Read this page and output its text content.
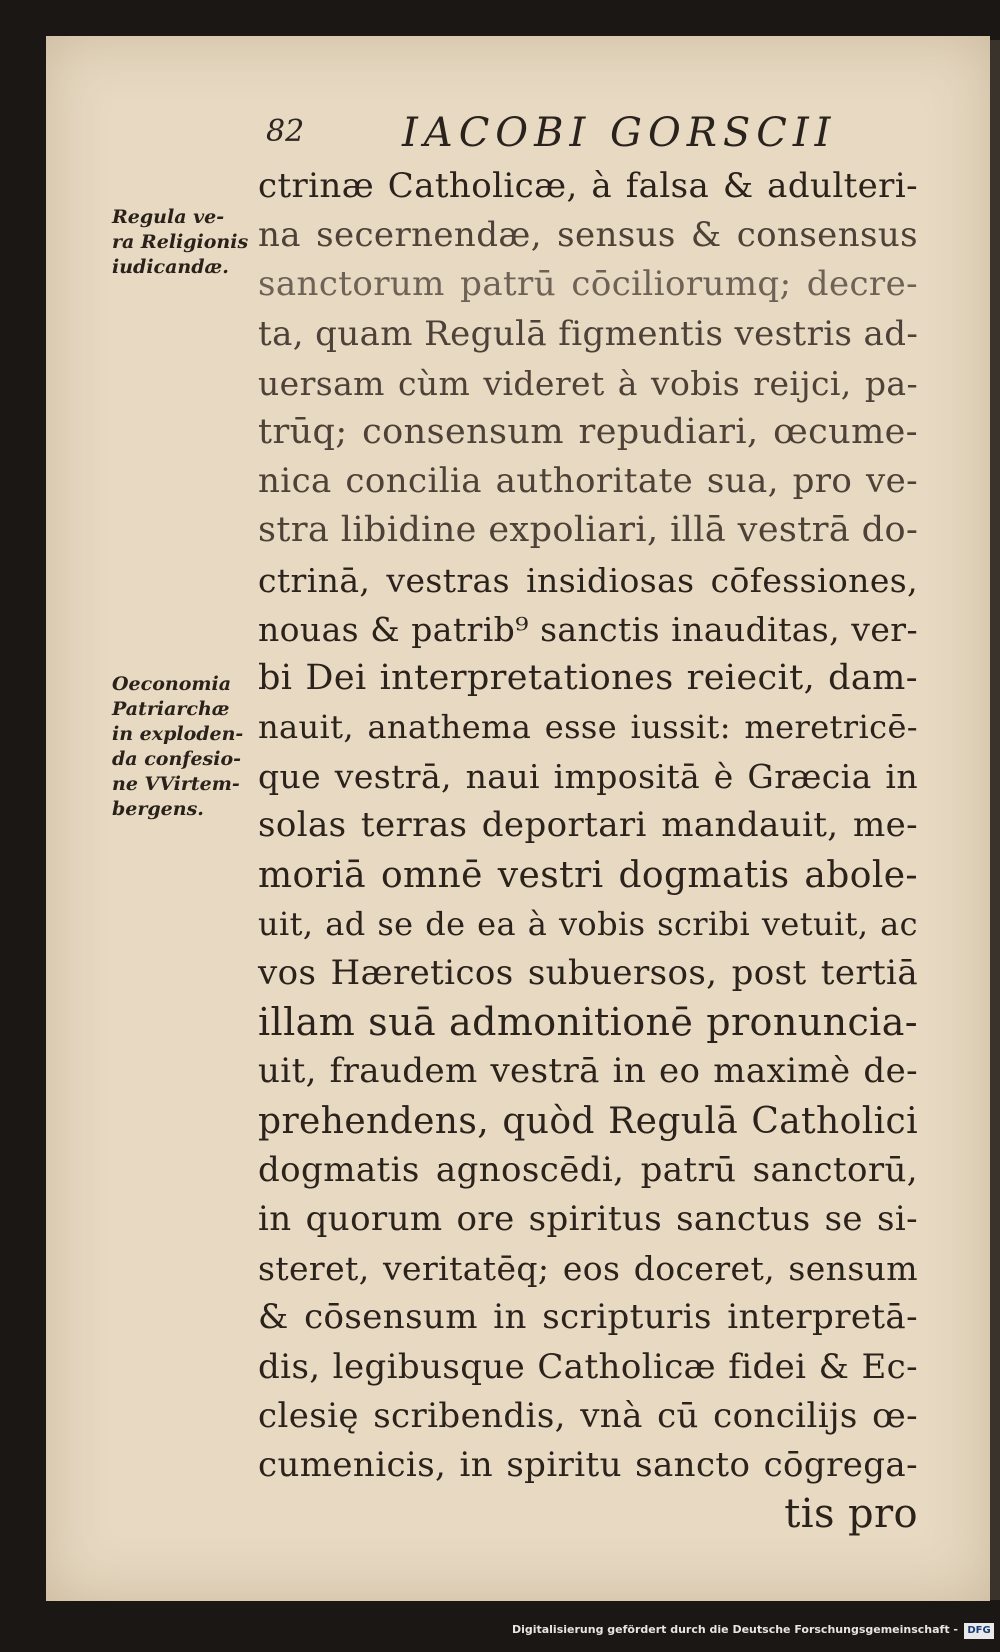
82 IACOBI GORSCII
Regula ve-
ra Religionis
iudicandæ.
Oeconomia
Patriarchæ
in exploden-
da confesio-
ne VVirtem-
bergens.
ctrinæ Catholicæ, à falsa & adulteri-
na secernendæ, sensus & consensus
sanctorum patrū cōciliorumq; decre-
ta, quam Regulā figmentis vestris ad-
uersam cùm videret à vobis reijci, pa-
trūq; consensum repudiari, œcume-
nica concilia authoritate sua, pro ve-
stra libidine expoliari, illā vestrā do-
ctrinā, vestras insidiosas cōfessiones,
nouas & patrib⁹ sanctis inauditas, ver-
bi Dei interpretationes reiecit, dam-
nauit, anathema esse iussit: meretricē-
que vestrā, naui impositā è Græcia in
solas terras deportari mandauit, me-
moriā omnē vestri dogmatis abole-
uit, ad se de ea à vobis scribi vetuit, ac
vos Hæreticos subuersos, post tertiā
illam suā admonitionē pronuncia-
uit, fraudem vestrā in eo maximè de-
prehendens, quòd Regulā Catholici
dogmatis agnoscēdi, patrū sanctorū,
in quorum ore spiritus sanctus se si-
steret, veritatēq; eos doceret, sensum
& cōsensum in scripturis interpretā-
dis, legibusque Catholicæ fidei & Ec-
clesię scribendis, vnà cū concilijs œ-
cumenicis, in spiritu sancto cōgrega-
tis pro
Digitalisierung gefördert durch die Deutsche Forschungsgemeinschaft - DFG
